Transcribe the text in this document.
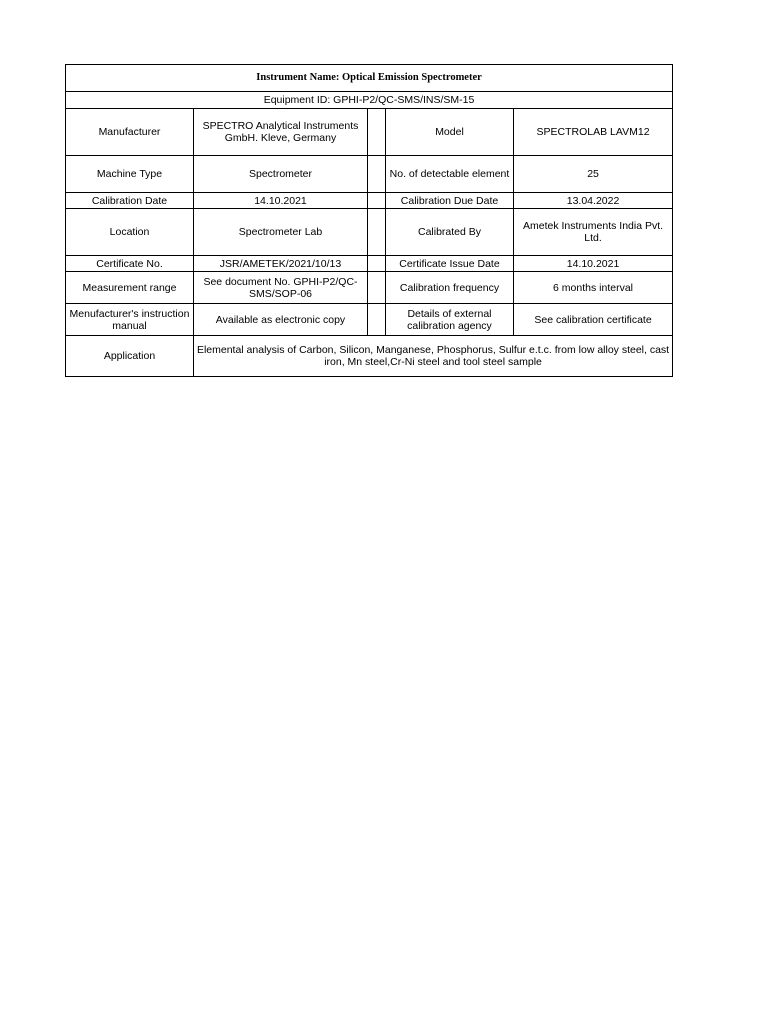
Instrument Name: Optical Emission Spectrometer				
Equipment ID: GPHI-P2/QC-SMS/INS/SM-15				
Manufacturer	SPECTRO Analytical Instruments GmbH. Kleve, Germany		Model	SPECTROLAB LAVM12
Machine Type	Spectrometer		No. of detectable element	25
Calibration Date	14.10.2021		Calibration Due Date	13.04.2022
Location	Spectrometer Lab		Calibrated By	Ametek Instruments India Pvt. Ltd.
Certificate No.	JSR/AMETEK/2021/10/13		Certificate Issue Date	14.10.2021
Measurement range	See document No. GPHI-P2/QC-SMS/SOP-06		Calibration frequency	6 months interval
Menufacturer's instruction manual	Available as electronic copy		Details of external calibration agency	See calibration certificate
Application	Elemental analysis of Carbon, Silicon, Manganese, Phosphorus, Sulfur e.t.c. from low alloy steel, cast iron, Mn steel,Cr-Ni steel and tool steel sample			
